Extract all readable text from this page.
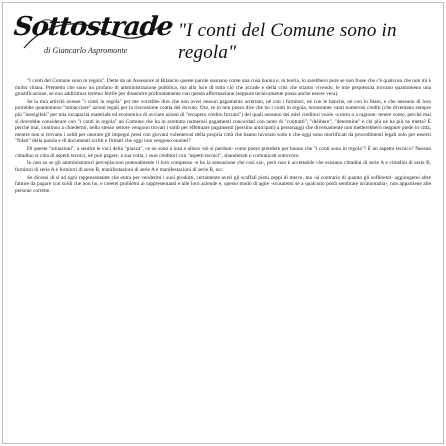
Sottostrade
di Giancarlo Aspromonte
"I conti del Comune sono in regola"

"I conti del Comune sono in regola". Dette da un Assessore al Bilancio queste parole suonano come una cosa buona e, in teoria, lo sarebbero pure se non fosse che c'è qualcosa che non mi è molto chiara. Premetto che sono un profano di amministrazione pubblica, ma alla luce di tutto ciò che accade e della crisi che stiamo vivendo, le mie perplessità trovano quantomeno una giustificazione, se non addirittura terreno fertile per dissentire profondamente con questa affermazione (seppure tecnicamente possa anche essere vera).

Se la mia attività avesse "i conti in regola" per me vorrebbe dire che non avrei nessun pagamento arretrato, né con i fornitori, né con le banche, né con lo Stato, e che nessuno di loro potrebbe quantomeno "minacciare" azioni legali per la riscossione coatta del dovuto. Ora, se io non posso dire che ho i conti in regola, nonostante vanti numerosi crediti (che diventano sempre più "inesigibili" per mia incapacità materiale ed economica di avviare azioni di "recupero credito forzato") dei quali nessuno dei miei creditori vuole -a torto o a ragione- tenere conto, perché mai si dovrebbe considerare con "i conti in regola" un Comune che ha in arretrato numerosi pagamenti concordati con tanto di "contratti", "delibere", "determine" e chi più ne ha più ne metta? È perché mai, continuo a chiedermi, nello stesso settore vengono trovati i soldi per effettuare pagamenti (persino anticipati) a personaggi che diversamente non metterebbero neppure piede in città, mentre non si trovano i soldi per onorare gli impegni presi con giovani volenterosi della propria città che hanno lavorato sodo e che oggi sono mortificati da procedimenti legali solo per essersi "fidati" della parola e di documenti scritti e firmati che oggi non vengono onorati?

Di queste "situazioni", a sentire le voci della "piazza", ce ne sono a iosa e allora -mi si perdoni- come posso prendere per buono che "i conti sono in regola"? È un aspetto tecnico? Nessun cittadino si ciba di aspetti tecnici, né può pagare, a sua volta, i suoi creditori con "aspetti tecnici", sbandierati o comunicati sottovoce.

Io non so se gli amministratori percepiscono puntualmente il loro compenso -e ho la sensazione che così sia-, però non è accettabile che esistano cittadini di serie A e cittadini di serie B, fornitori di serie A e fornitori di serie B, manifestazioni di serie A e manifestazioni di serie B, ecc.

Se dicessi di sì ad ogni rappresentante che entra per vendermi i suoi prodotti, certamente avrei gli scaffali pieni zeppi di merce, ma -al contrario di quanto gli sofferenti- aggiungerei altre fatture da pagare con soldi che non ho, e creerei problemi ai rappresentanti e alle loro aziende e, questo modo di agire -scusatemi se a qualcuno potrà sembrare un'anomalia-, non appartiene alle persone corrette.
